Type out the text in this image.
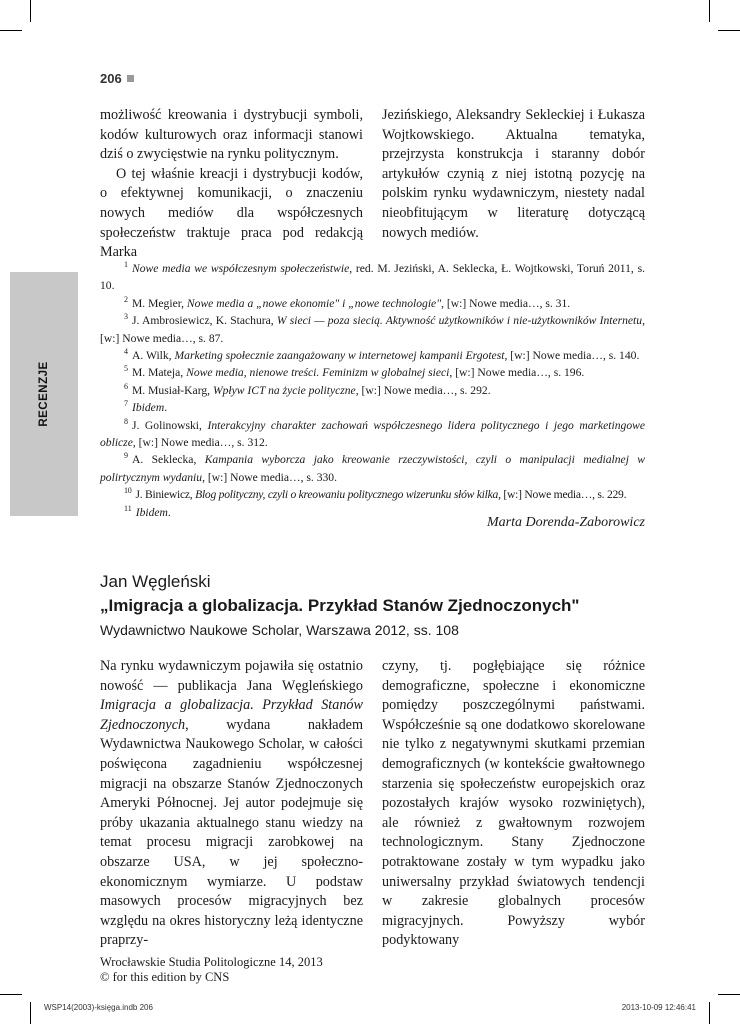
206
RECENZJE

możliwość kreowania i dystrybucji symboli, kodów kulturowych oraz informacji stanowi dziś o zwycięstwie na rynku politycznym.

O tej właśnie kreacji i dystrybucji kodów, o efektywnej komunikacji, o znaczeniu nowych mediów dla współczesnych społeczeństw traktuje praca pod redakcją Marka

Jezińskiego, Aleksandry Sekleckiej i Łukasza Wojtkowskiego. Aktualna tematyka, przejrzysta konstrukcja i staranny dobór artykułów czynią z niej istotną pozycję na polskim rynku wydawniczym, niestety nadal nieobfitującym w literaturę dotyczącą nowych mediów.

$^1$ Nowe media we współczesnym społeczeństwie, red. M. Jeziński, A. Seklecka, Ł. Wojtkowski, Toruń 2011, s. 10.

$^2$ M. Megier, Nowe media a „nowe ekonomie" i „nowe technologie", [w:] Nowe media…, s. 31.

$^3$ J. Ambrosiewicz, K. Stachura, W sieci — poza siecią. Aktywność użytkowników i nie-użytkowników Internetu, [w:] Nowe media…, s. 87.

$^4$ A. Wilk, Marketing społecznie zaangażowany w internetowej kampanii Ergotest, [w:] Nowe media…, s. 140.

$^5$ M. Mateja, Nowe media, nienowe treści. Feminizm w globalnej sieci, [w:] Nowe media…, s. 196.

$^6$ M. Musiał-Karg, Wpływ ICT na życie polityczne, [w:] Nowe media…, s. 292.

$^7$ Ibidem.

$^8$ J. Golinowski, Interakcyjny charakter zachowań współczesnego lidera politycznego i jego marketingowe oblicze, [w:] Nowe media…, s. 312.

$^9$ A. Seklecka, Kampania wyborcza jako kreowanie rzeczywistości, czyli o manipulacji medialnej w polirtycznym wydaniu, [w:] Nowe media…, s. 330.

$^{10}$ J. Biniewicz, Blog polityczny, czyli o kreowaniu politycznego wizerunku słów kilka, [w:] Nowe media…, s. 229.

$^{11}$ Ibidem.

Marta Dorenda-Zaborowicz
Jan Węgleński
„Imigracja a globalizacja. Przykład Stanów Zjednoczonych"
Wydawnictwo Naukowe Scholar, Warszawa 2012, ss. 108

Na rynku wydawniczym pojawiła się ostatnio nowość — publikacja Jana Węgleńskiego Imigracja a globalizacja. Przykład Stanów Zjednoczonych, wydana nakładem Wydawnictwa Naukowego Scholar, w całości poświęcona zagadnieniu współczesnej migracji na obszarze Stanów Zjednoczonych Ameryki Północnej. Jej autor podejmuje się próby ukazania aktualnego stanu wiedzy na temat procesu migracji zarobkowej na obszarze USA, w jej społeczno-ekonomicznym wymiarze. U podstaw masowych procesów migracyjnych bez względu na okres historyczny leżą identyczne praprzy-

czyny, tj. pogłębiające się różnice demograficzne, społeczne i ekonomiczne pomiędzy poszczególnymi państwami. Współcześnie są one dodatkowo skorelowane nie tylko z negatywnymi skutkami przemian demograficznych (w kontekście gwałtownego starzenia się społeczeństw europejskich oraz pozostałych krajów wysoko rozwiniętych), ale również z gwałtownym rozwojem technologicznym. Stany Zjednoczone potraktowane zostały w tym wypadku jako uniwersalny przykład światowych tendencji w zakresie globalnych procesów migracyjnych. Powyższy wybór podyktowany

Wrocławskie Studia Politologiczne 14, 2013
© for this edition by CNS
WSP14(2003)-księga.indb 206	2013-10-09 12:46:41
